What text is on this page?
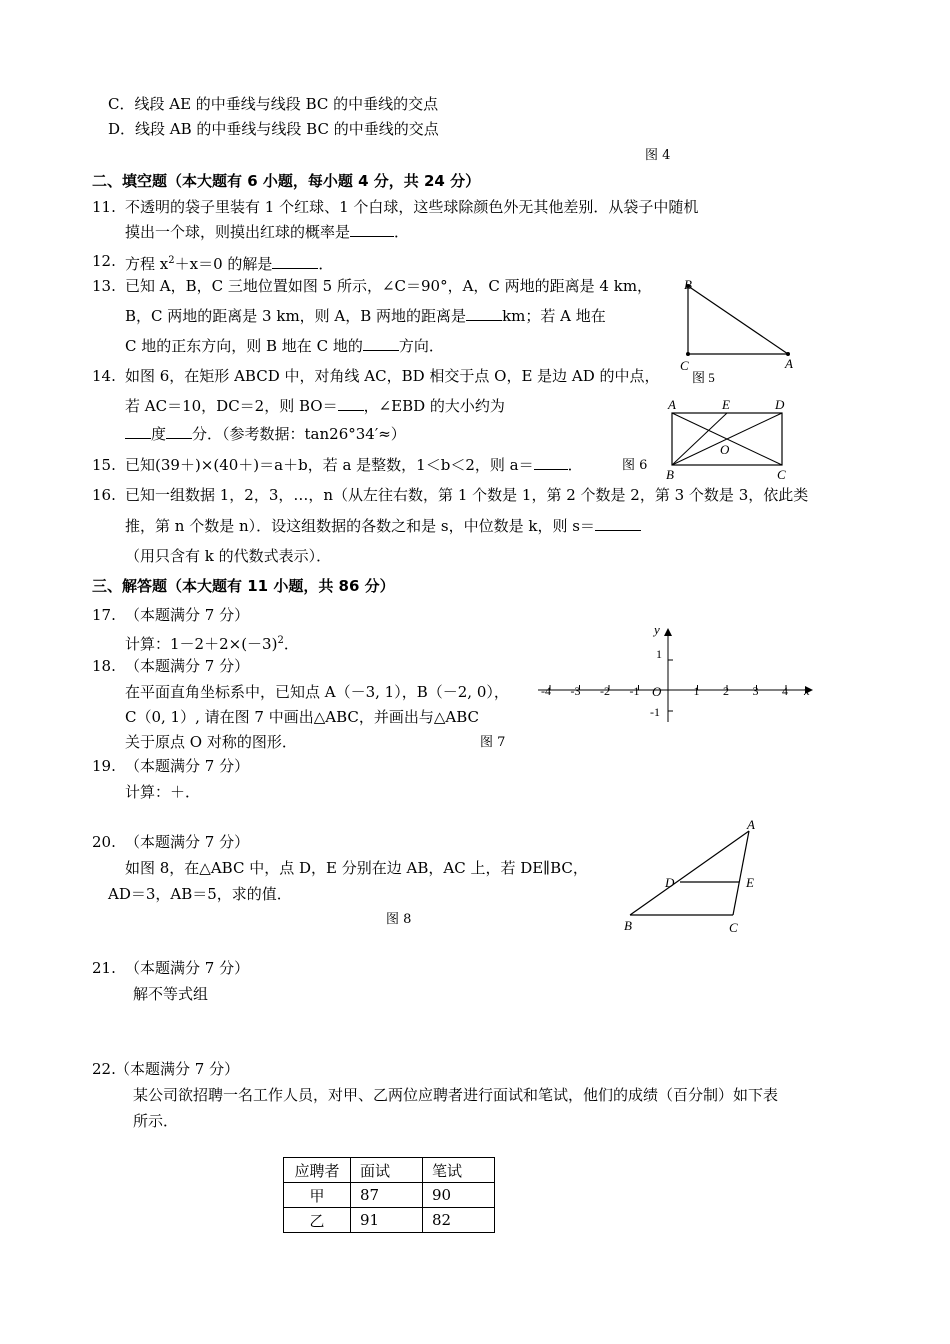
C．线段 AE 的中垂线与线段 BC 的中垂线的交点
D．线段 AB 的中垂线与线段 BC 的中垂线的交点
图 4
二、填空题（本大题有 6 小题，每小题 4 分，共 24 分）
11. 不透明的袋子里装有 1 个红球、1 个白球，这些球除颜色外无其他差别．从袋子中随机
摸出一个球，则摸出红球的概率是	．
12. 方程 $x^2+x=0$ 的解是	．
13. 已知 A，B，C 三地位置如图 5 所示，∠C＝90°，A，C 两地的距离是 4 km，
B，C 两地的距离是 3 km，则 A，B 两地的距离是 km；若 A 地在
C 地的正东方向，则 B 地在 C 地的 方向．
B
C	A
图 5
14. 如图 6，在矩形 ABCD 中，对角线 AC，BD 相交于点 O，E 是边 AD 的中点，
若 AC＝10，DC＝2，则 BO＝ ，∠EBD 的大小约为
度 分．（参考数据：tan26°34′≈）
A	E	D
O
B	C
15. 已知(39＋)×(40＋)＝a＋b，若 a 是整数，1＜b＜2，则 a＝ ．	图 6
16. 已知一组数据 1，2，3，…，n（从左往右数，第 1 个数是 1，第 2 个数是 2，第 3 个数是 3，依此类
推，第 n 个数是 n）．设这组数据的各数之和是 s，中位数是 k，则 s＝
（用只含有 k 的代数式表示）．
三、解答题（本大题有 11 小题，共 86 分）
17. （本题满分 7 分）
计算：$1-2+2\times(-3)^2$．
18. （本题满分 7 分）
在平面直角坐标系中，已知点 A（－3, 1），B（－2, 0），
C（0, 1）, 请在图 7 中画出△ABC，并画出与△ABC
关于原点 O 对称的图形．
-4 -3 -2 -1	1 2 3 4
y
x
O
1
-1
图 7
19. （本题满分 7 分）
计算：＋．
20. （本题满分 7 分）
如图 8，在△ABC 中，点 D，E 分别在边 AB，AC 上，若 DE∥BC，
AD＝3，AB＝5，求的值．
图 8
A
D	E
B	C
21. （本题满分 7 分）
解不等式组
22. （本题满分 7 分）
某公司欲招聘一名工作人员，对甲、乙两位应聘者进行面试和笔试，他们的成绩（百分制）如下表
所示．
应聘者	面试	笔试
甲	87	90
乙	91	82
